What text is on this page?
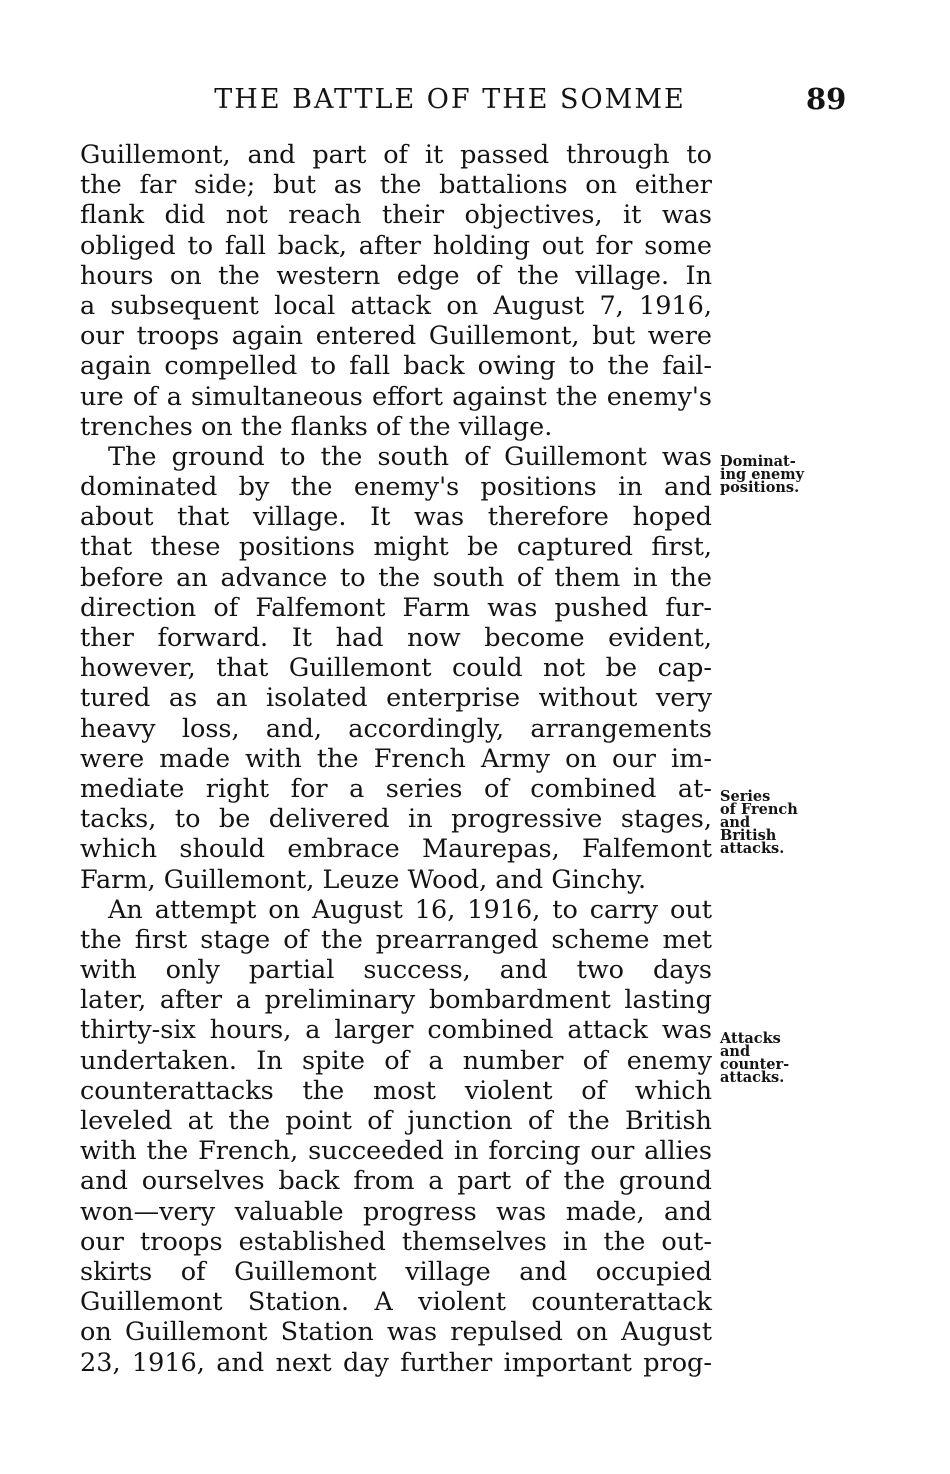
THE BATTLE OF THE SOMME	89
Guillemont, and part of it passed through to
the far side; but as the battalions on either
flank did not reach their objectives, it was
obliged to fall back, after holding out for some
hours on the western edge of the village. In
a subsequent local attack on August 7, 1916,
our troops again entered Guillemont, but were
again compelled to fall back owing to the fail-
ure of a simultaneous effort against the enemy's
trenches on the flanks of the village.
The ground to the south of Guillemont was
dominated by the enemy's positions in and
about that village. It was therefore hoped
that these positions might be captured first,
before an advance to the south of them in the
direction of Falfemont Farm was pushed fur-
ther forward. It had now become evident,
however, that Guillemont could not be cap-
tured as an isolated enterprise without very
heavy loss, and, accordingly, arrangements
were made with the French Army on our im-
mediate right for a series of combined at-
tacks, to be delivered in progressive stages,
which should embrace Maurepas, Falfemont
Farm, Guillemont, Leuze Wood, and Ginchy.
An attempt on August 16, 1916, to carry out
the first stage of the prearranged scheme met
with only partial success, and two days
later, after a preliminary bombardment lasting
thirty-six hours, a larger combined attack was
undertaken. In spite of a number of enemy
counterattacks the most violent of which
leveled at the point of junction of the British
with the French, succeeded in forcing our allies
and ourselves back from a part of the ground
won—very valuable progress was made, and
our troops established themselves in the out-
skirts of Guillemont village and occupied
Guillemont Station. A violent counterattack
on Guillemont Station was repulsed on August
23, 1916, and next day further important prog-
Dominat-
ing enemy
positions.
Series
of French
and
British
attacks.
Attacks
and
counter-
attacks.
